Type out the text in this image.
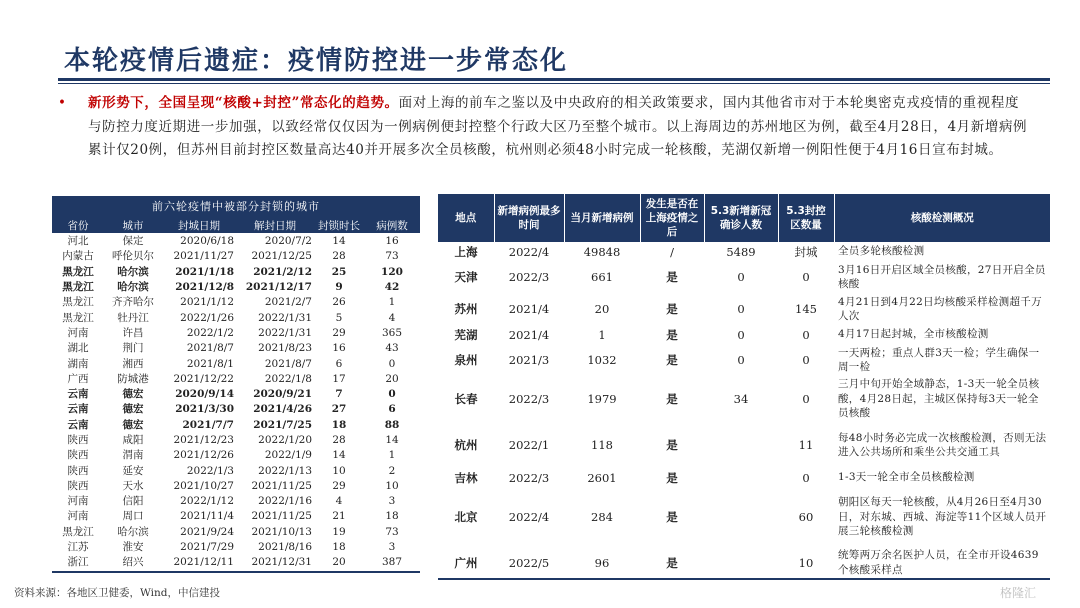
本轮疫情后遗症：疫情防控进一步常态化
• 新形势下，全国呈现“核酸+封控”常态化的趋势。面对上海的前车之鉴以及中央政府的相关政策要求，国内其他省市对于本轮奥密克戎疫情的重视程度与防控力度近期进一步加强，以致经常仅仅因为一例病例便封控整个行政大区乃至整个城市。以上海周边的苏州地区为例，截至4月28日，4月新增病例累计仅20例，但苏州目前封控区数量高达40并开展多次全员核酸，杭州则必须48小时完成一轮核酸，芜湖仅新增一例阳性便于4月16日宣布封城。

前六轮疫情中被部分封锁的城市
省份	城市	封城日期	解封日期	封锁时长	病例数
河北	保定	2020/6/18	2020/7/2	14	16
内蒙古	呼伦贝尔	2021/11/27	2021/12/25	28	73
黑龙江	哈尔滨	2021/1/18	2021/2/12	25	120
黑龙江	哈尔滨	2021/12/8	2021/12/17	9	42
黑龙江	齐齐哈尔	2021/1/12	2021/2/7	26	1
黑龙江	牡丹江	2022/1/26	2022/1/31	5	4
河南	许昌	2022/1/2	2022/1/31	29	365
湖北	荆门	2021/8/7	2021/8/23	16	43
湖南	湘西	2021/8/1	2021/8/7	6	0
广西	防城港	2021/12/22	2022/1/8	17	20
云南	德宏	2020/9/14	2020/9/21	7	0
云南	德宏	2021/3/30	2021/4/26	27	6
云南	德宏	2021/7/7	2021/7/25	18	88
陕西	咸阳	2021/12/23	2022/1/20	28	14
陕西	渭南	2021/12/26	2022/1/9	14	1
陕西	延安	2022/1/3	2022/1/13	10	2
陕西	天水	2021/10/27	2021/11/25	29	10
河南	信阳	2022/1/12	2022/1/16	4	3
河南	周口	2021/11/4	2021/11/25	21	18
黑龙江	哈尔滨	2021/9/24	2021/10/13	19	73
江苏	淮安	2021/7/29	2021/8/16	18	3
浙江	绍兴	2021/12/11	2021/12/31	20	387
地点	新增病例最多时间	当月新增病例	发生是否在上海疫情之后	5.3新增新冠确诊人数	5.3封控区数量	核酸检测概况
上海	2022/4	49848	/	5489	封城	全员多轮核酸检测
天津	2022/3	661	是	0	0	3月16日开启区域全员核酸，27日开启全员核酸
苏州	2021/4	20	是	0	145	4月21日到4月22日均核酸采样检测超千万人次
芜湖	2021/4	1	是	0	0	4月17日起封城，全市核酸检测
泉州	2021/3	1032	是	0	0	一天两检；重点人群3天一检；学生确保一周一检
长春	2022/3	1979	是	34	0	三月中旬开始全域静态，1-3天一轮全员核酸，4月28日起，主城区保持每3天一轮全员核酸
杭州	2022/1	118	是		11	每48小时务必完成一次核酸检测，否则无法进入公共场所和乘坐公共交通工具
吉林	2022/3	2601	是		0	1-3天一轮全市全员核酸检测
北京	2022/4	284	是		60	朝阳区每天一轮核酸，从4月26日至4月30日，对东城、西城、海淀等11个区域人员开展三轮核酸检测
广州	2022/5	96	是		10	统筹两万余名医护人员，在全市开设4639个核酸采样点
资料来源：各地区卫健委，Wind，中信建投	格隆汇
